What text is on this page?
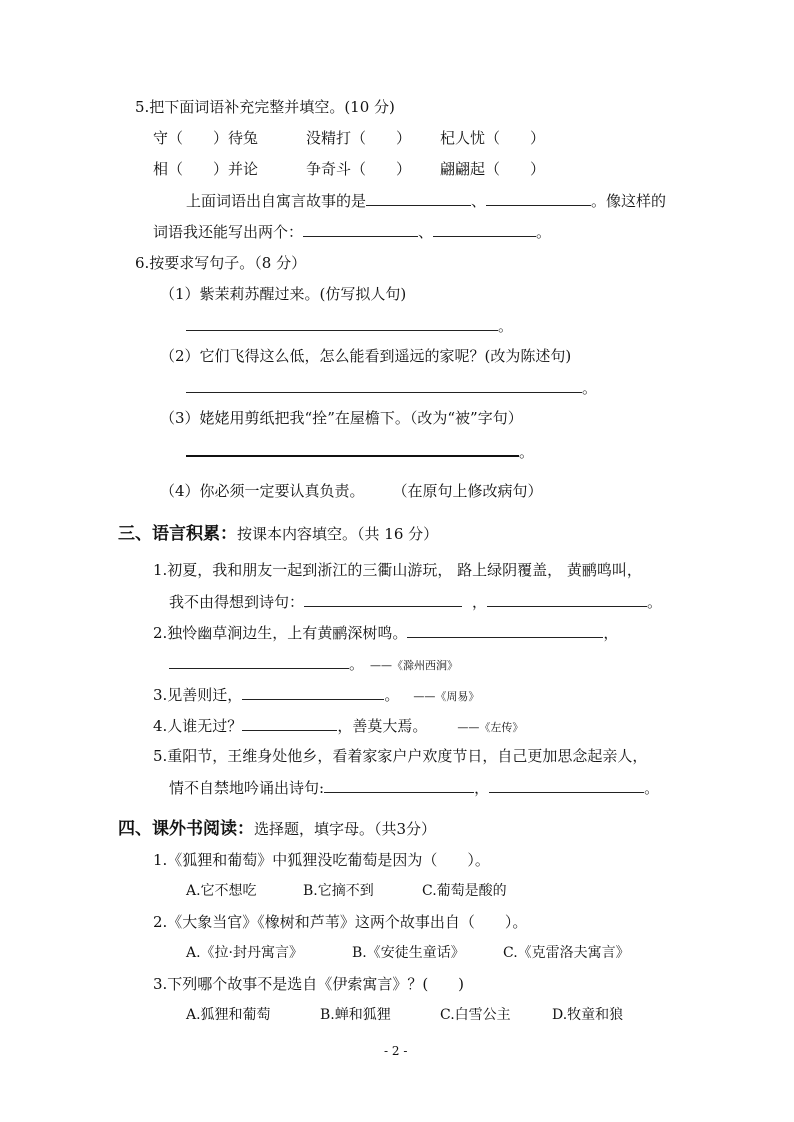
5.把下面词语补充完整并填空。(10 分)
守（　　）待兔	没精打（　　） 杞人忧（　　）
相（　　）并论	争奇斗（　　） 翩翩起（　　）
上面词语出自寓言故事的是	、	。像这样的
词语我还能写出两个：	、	。
6.按要求写句子。（8 分）
（1）紫茉莉苏醒过来。(仿写拟人句)
。
（2）它们飞得这么低，怎么能看到遥远的家呢？(改为陈述句)
。
（3）姥姥用剪纸把我“拴”在屋檐下。（改为“被”字句）
。
（4）你必须一定要认真负责。 （在原句上修改病句）
三、语言积累：按课本内容填空。（共 16 分）
1.初夏，我和朋友一起到浙江的三衢山游玩， 路上绿阴覆盖， 黄鹂鸣叫，
我不由得想到诗句：	，	。
2.独怜幽草涧边生，上有黄鹂深树鸣。	，
。 ——《滁州西涧》
3.见善则迁，	。 ——《周易》
4.人谁无过？	，善莫大焉。	——《左传》
5.重阳节，王维身处他乡，看着家家户户欢度节日，自己更加思念起亲人，
情不自禁地吟诵出诗句:	，	。
四、课外书阅读：选择题，填字母。（共3分）
1.《狐狸和葡萄》中狐狸没吃葡萄是因为（　　）。
A.它不想吃	B.它摘不到	C.葡萄是酸的
2.《大象当官》《橡树和芦苇》这两个故事出自（　　）。
A.《拉·封丹寓言》	B.《安徒生童话》	C.《克雷洛夫寓言》
3.下列哪个故事不是选自《伊索寓言》？(　　)
A.狐狸和葡萄	B.蝉和狐狸	C.白雪公主	D.牧童和狼
- 2 -
